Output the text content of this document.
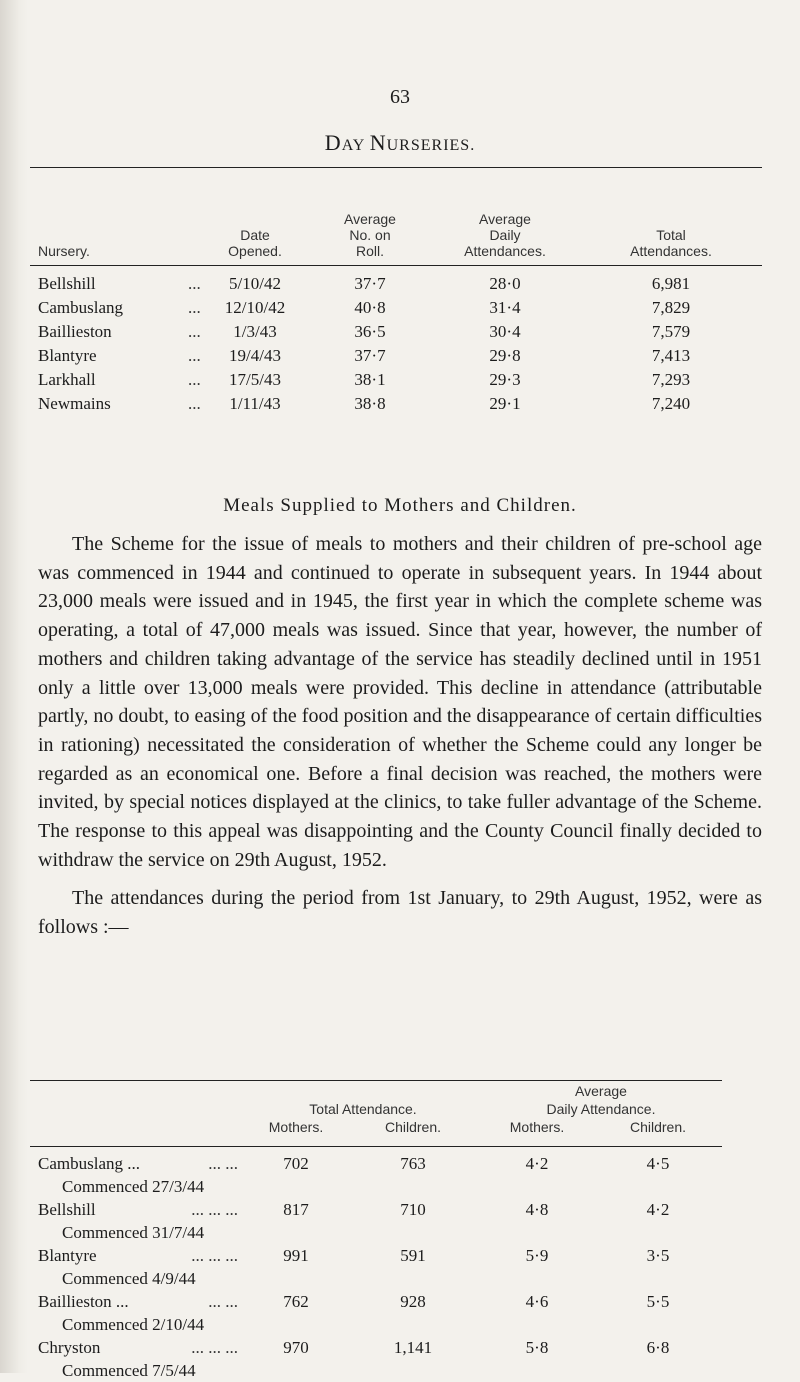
63
DAY NURSERIES.
Nursery.	
Date
Opened.

Average
No. on
Roll.

Average
Daily
Attendances.

Total
Attendances.
Bellshill ...	5/10/42	37·7	28·0	6,981
Cambuslang ...	12/10/42	40·8	31·4	7,829
Baillieston ...	1/3/43	36·5	30·4	7,579
Blantyre ...	19/4/43	37·7	29·8	7,413
Larkhall ...	17/5/43	38·1	29·3	7,293
Newmains ...	1/11/43	38·8	29·1	7,240
Meals Supplied to Mothers and Children.

The Scheme for the issue of meals to mothers and their children of pre-school age was commenced in 1944 and continued to operate in subsequent years. In 1944 about 23,000 meals were issued and in 1945, the first year in which the complete scheme was operating, a total of 47,000 meals was issued. Since that year, however, the number of mothers and children taking advantage of the service has steadily declined until in 1951 only a little over 13,000 meals were provided. This decline in attendance (attributable partly, no doubt, to easing of the food position and the disappearance of certain difficulties in rationing) necessitated the consideration of whether the Scheme could any longer be regarded as an economical one. Before a final decision was reached, the mothers were invited, by special notices displayed at the clinics, to take fuller advantage of the Scheme. The response to this appeal was disappointing and the County Council finally decided to withdraw the service on 29th August, 1952.

The attendances during the period from 1st January, to 29th August, 1952, were as follows :—

			Average	
	Total Attendance.		Daily Attendance.	
	Mothers.	Children.	Mothers.	Children.
Cambuslang ... ... ...	702	763	4·2	4·5
Commenced 27/3/44				
Bellshill ... ... ...	817	710	4·8	4·2
Commenced 31/7/44				
Blantyre ... ... ...	991	591	5·9	3·5
Commenced 4/9/44				
Baillieston ... ... ...	762	928	4·6	5·5
Commenced 2/10/44				
Chryston ... ... ...	970	1,141	5·8	6·8
Commenced 7/5/44				
